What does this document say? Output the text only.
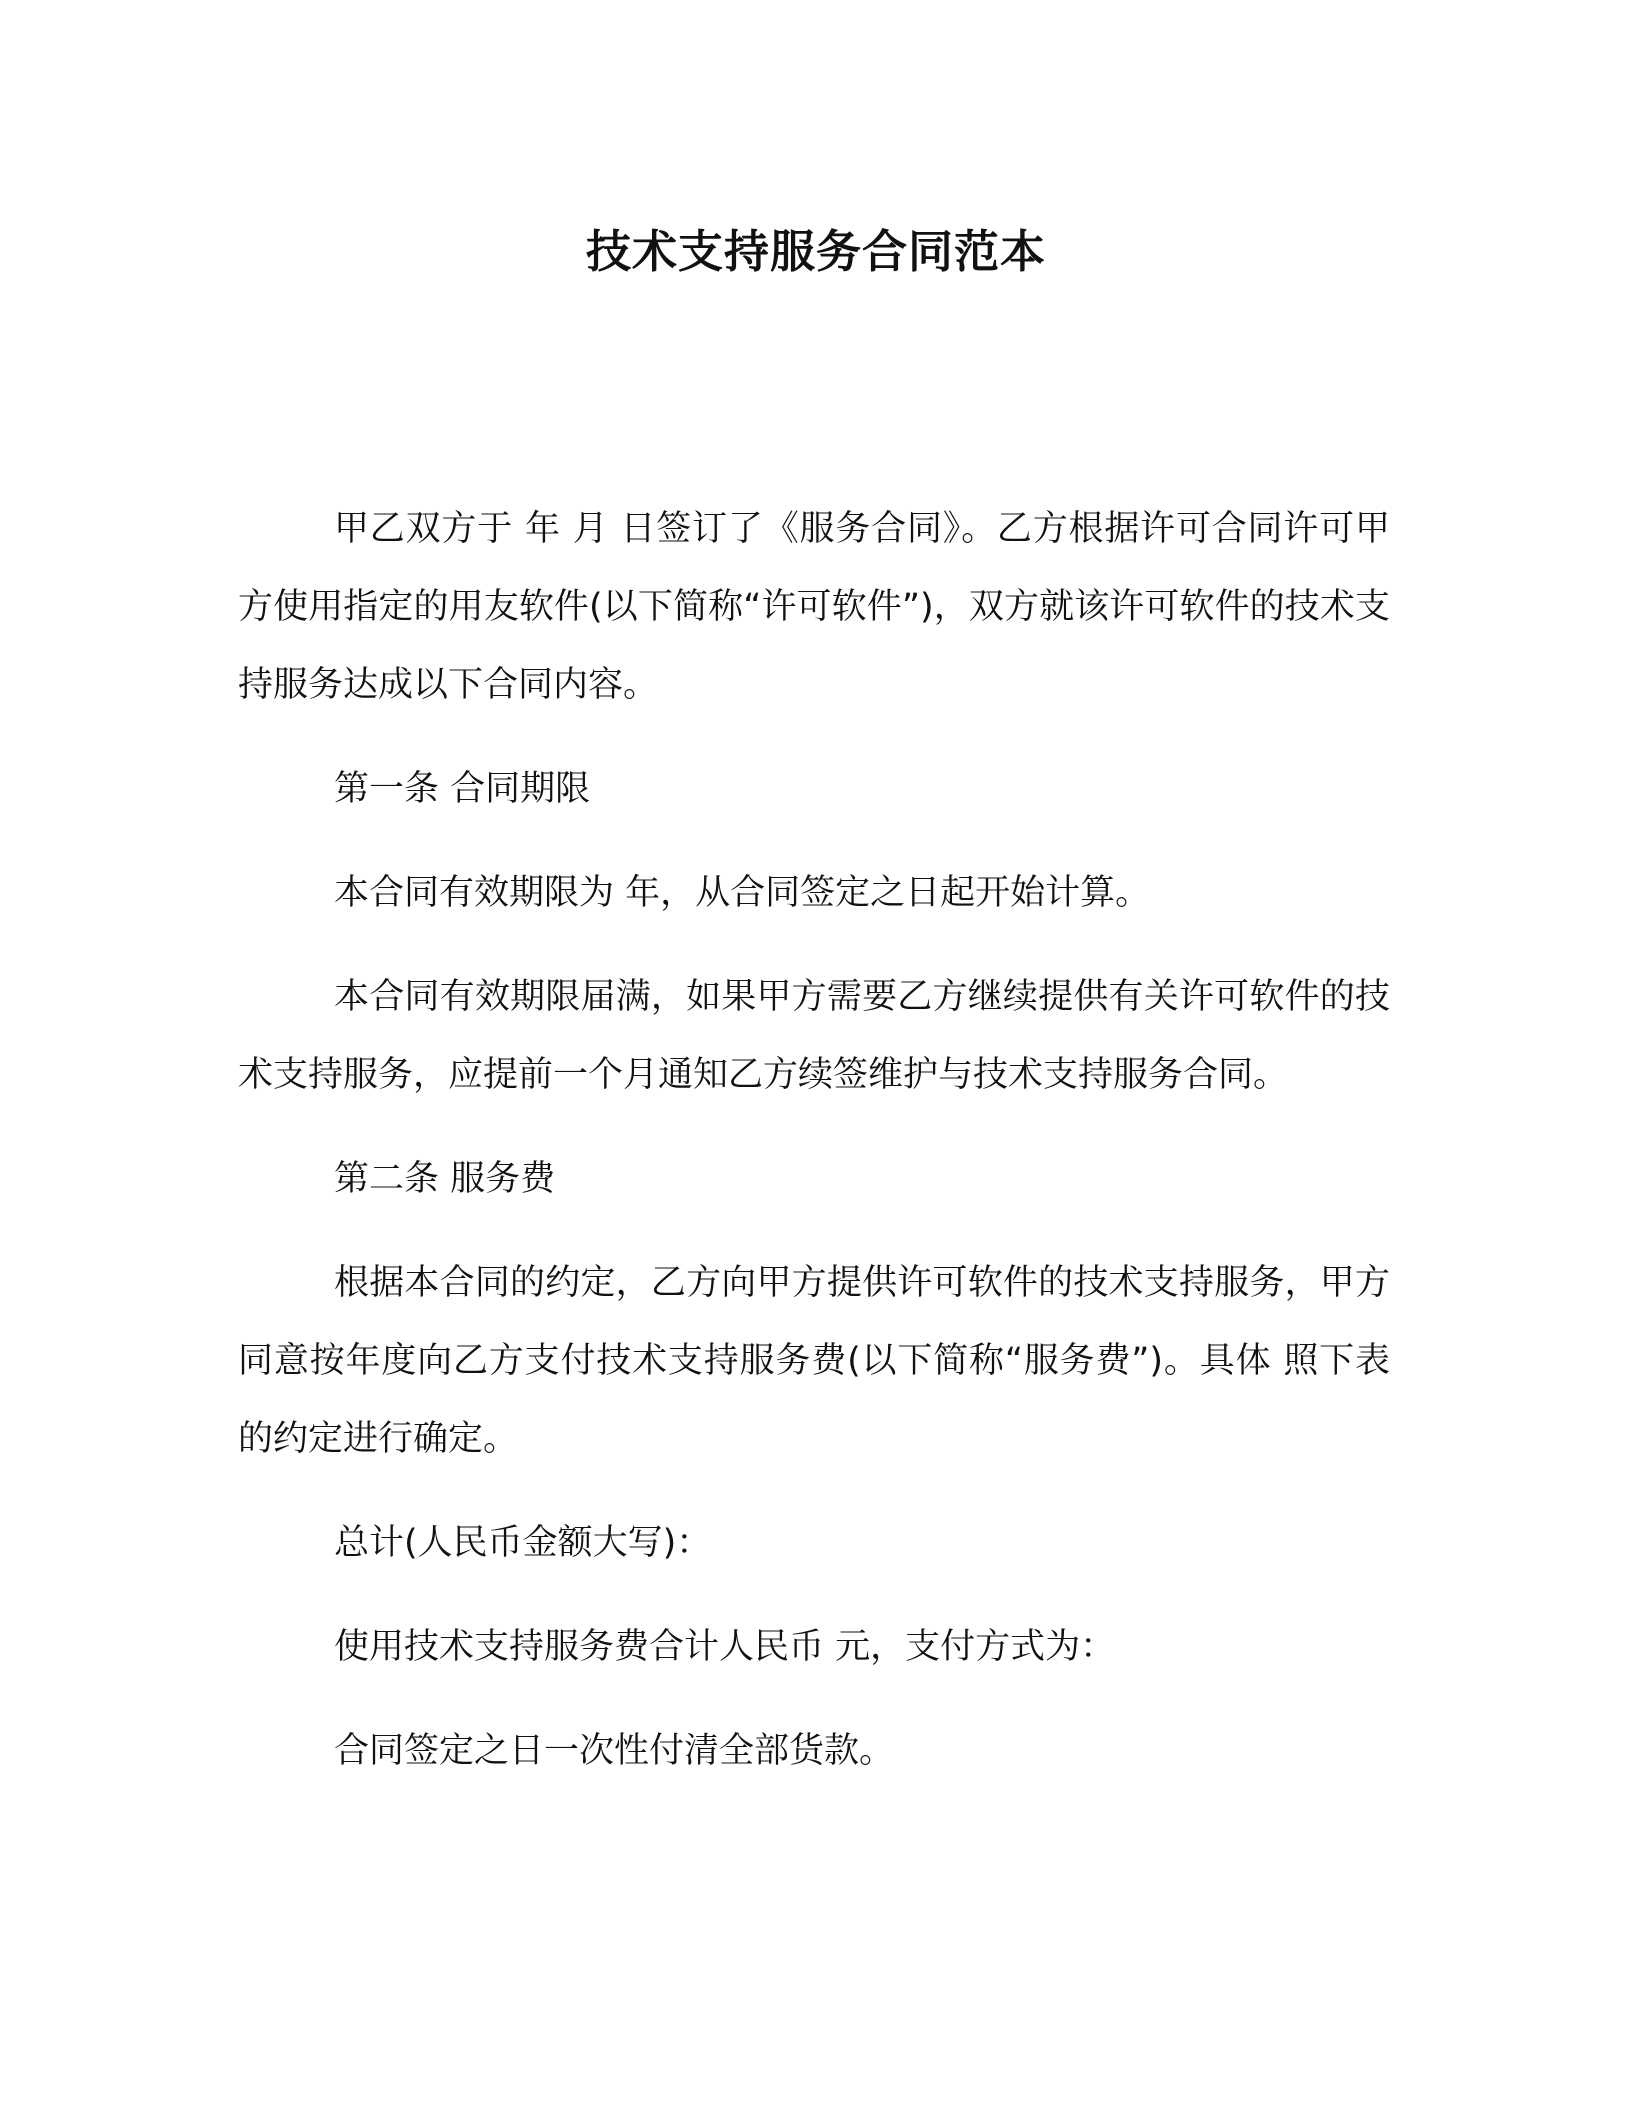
技术支持服务合同范本

甲乙双方于 年 月 日签订了《服务合同》。乙方根据许可合同许可甲方使用指定的用友软件(以下简称“许可软件”)，双方就该许可软件的技术支持服务达成以下合同内容。

第一条 合同期限

本合同有效期限为 年，从合同签定之日起开始计算。

本合同有效期限届满，如果甲方需要乙方继续提供有关许可软件的技术支持服务，应提前一个月通知乙方续签维护与技术支持服务合同。

第二条 服务费

根据本合同的约定，乙方向甲方提供许可软件的技术支持服务，甲方同意按年度向乙方支付技术支持服务费(以下简称“服务费”)。具体 照下表的约定进行确定。

总计(人民币金额大写)：

使用技术支持服务费合计人民币 元，支付方式为：

合同签定之日一次性付清全部货款。
